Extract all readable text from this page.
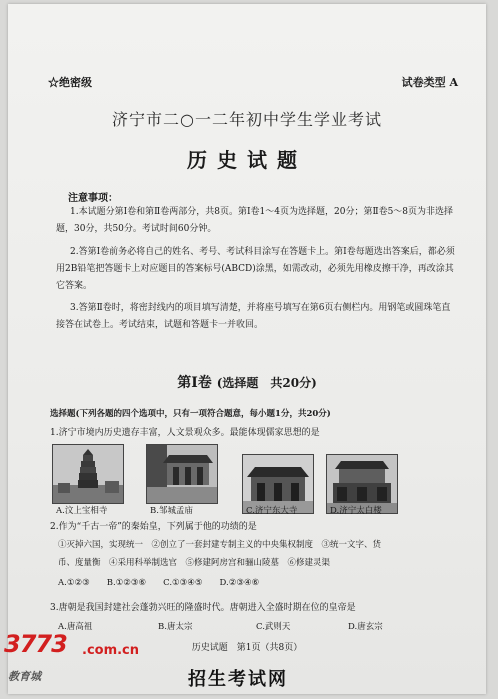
☆绝密级	试卷类型 A
济宁市二○一二年初中学生学业考试
历史试题
注意事项：
1.本试题分第Ⅰ卷和第Ⅱ卷两部分，共8页。第Ⅰ卷1～4页为选择题，20分；第Ⅱ卷5～8页为非选择题，30分，共50分。考试时间60分钟。
2.答第Ⅰ卷前务必将自己的姓名、考号、考试科目涂写在答题卡上。第Ⅰ卷每题选出答案后，都必须用2B铅笔把答题卡上对应题目的答案标号(ABCD)涂黑，如需改动，必须先用橡皮擦干净，再改涂其它答案。
3.答第Ⅱ卷时，将密封线内的项目填写清楚，并将座号填写在第6页右侧栏内。用钢笔或圆珠笔直接答在试卷上。考试结束，试题和答题卡一并收回。
第Ⅰ卷 (选择题　共20分)
选择题(下列各题的四个选项中，只有一项符合题意，每小题1分，共20分)
1.济宁市境内历史遗存丰富，人文景观众多。最能体现儒家思想的是
A.汶上宝相寺	B.邹城孟庙	C.济宁东大寺	D.济宁太白楼
2.作为“千古一帝”的秦始皇，下列属于他的功绩的是
①灭掉六国，实现统一　②创立了一套封建专制主义的中央集权制度　③统一文字、货
币、度量衡　④采用科举制选官　⑤修建阿房宫和骊山陵墓　⑥修建灵渠
A.①②③　　B.①②③⑥　　C.①③④⑤　　D.②③④⑥
3.唐朝是我国封建社会蓬勃兴旺的隆盛时代。唐朝进入全盛时期在位的皇帝是
A.唐高祖	B.唐太宗	C.武则天	D.唐玄宗
历史试题　第1页（共8页）
3773 .com.cn
教育城	招生考试网
